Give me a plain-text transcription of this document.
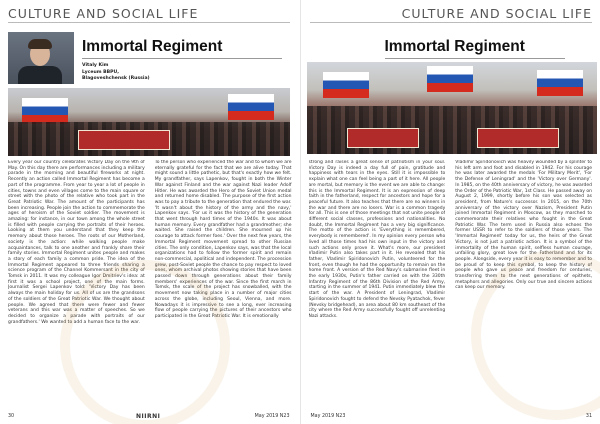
CULTURE AND SOCIAL LIFE
Immortal Regiment
Vitaly Kim
Lyceum BBPU,
Blagoveshchensk (Russia)
Every year our country celebrates Victory Day on the 9th of May. On this day there are performances including a military parade in the morning and beautiful fireworks at night. Recently an action called Immortal Regiment has become a part of the programme. From year to year a lot of people in cities, towns and even villages come to the main square or street with the photo of the relative who took part in the Great Patriotic War. The amount of the participants has been increasing. People join the action to commemorate the ages of heroism of the Soviet soldier. The movement is amazing: for instance, in our town among the whole street is filled with people carrying the portraits of their heroes. Looking at them you understand that they keep the memory about those heroes. The roots of our Motherland, society is the action: while walking people make acquaintances, talk to one another and frankly share their family stories. Immortal Regiment unites people and makes a story of each family a common pride. The idea of the Immortal Regiment appeared to three friends sharing a science program of the Channel Kommersant in the city of Tomsk in 2011. It was my colleague Igor Dmitriev's idea: at first it was a school project, one of the main forms. Journalist Sergei Lapenkov told: 'Victory Day has been always the main holiday for us. All of us are the grandsons of the soldiers of the Great Patriotic War. We thought about people. We agreed that there were fewer and fewer veterans and this war was a matter of speeches. So we decided to organize a parade with portraits of our grandfathers.' We wanted to add a human face to the war.
To the person who experienced the war and to whom we are eternally grateful for the fact that we are alive today. That might sound a little pathetic, but that's exactly how we felt. My grandfather, says Lapenkov, fought in both the Winter War against Finland and the war against Nazi leader Adolf Hitler. He was awarded the Hero of the Soviet Union medal and returned home disabled. The purpose of the first action was to pay a tribute to the generation that endured the war. 'It wasn't about the history of the army and the navy,' Lapenkov says. 'For us it was the history of the generation that went through hard times of the 1940s. It was about human memory. Every grandfather had a grandmother; she waited. She raised the children. She mourned up his courage to attack former foes.' Over the next few years, the Immortal Regiment movement spread to other Russian cities. The only condition, Lapenkov says, was that the local organizations had to follow the former spirit and remain non-commercial, apolitical and independent. The procession grew, post-Soviet people the chance to pay respect to loved ones, whom archival photos showing stories that have been passed down through generations about their family members' experiences of the war. Since the first march in Tomsk, the scale of the project has snowballed, with the movement now taking place in a number of major cities across the globe, including Seoul, Vienna, and more. Nowadays it is impressive to see a long, ever increasing flow of people carrying the pictures of their ancestors who participated in the Great Patriotic War. It is emotionally
30	NIIRNI	May 2019 N23
CULTURE AND SOCIAL LIFE
Immortal Regiment
strong and raises a great sense of patriotism in your soul. Victory Day is indeed a day full of pain, gratitude and happiness with tears in the eyes. Still it is impossible to explain what one can feel being a part of it here. All people are mortal, but memory is the event we are able to change: this is the Immortal Regiment. It is an expression of deep faith in the fatherland, respect for ancestors and hope for a peaceful future. It also teaches that there are no winners in the war and there are no losers. War is a common tragedy for all. This is one of those meetings that not unite people of different social classes, professions and nationalities. No doubt, the Immortal Regiment has a very big significance. The motto of the action is 'Everything is remembered, everybody is remembered'. In my opinion every person who lived all those times had his own input in the victory and such actions only prove it. What's more, our president Vladimir Putin also takes part in it. He revealed that his father, Vladimir Spiridonovich Putin, volunteered for the front, even though he had the opportunity to remain on the home front. A version of the Red Navy's submarine fleet in the early 1930s, Putin's father carried on with the 330th Infantry Regiment of the 86th Division of the Red Army, starting in the summer of 1941. Putin immediately blew the start of the war. A President of Leningrad, Vladimir Spiridonovich fought to defend the Nevsky Pyatachok, fever (Nevsky bridgehead), an area about 80 km southeast of the city where the Red Army successfully fought off unrelenting Nazi attacks.
Vladimir Spiridonovich was heavily wounded by a splinter to his left arm and foot and disabled in 1942. For his courage he was later awarded the medals 'For Military Merit', 'For the Defense of Leningrad' and the 'Victory over Germany'. In 1985, on the 40th anniversary of victory, he was awarded the Order of the Patriotic War, 1st Class. He passed away on August 2, 1999, shortly before his son was selected as president, from Nature's successor. In 2015, on the 70th anniversary of the victory over Nazism, President Putin joined Immortal Regiment in Moscow, as they marched to commemorate their relatives who fought in the Great Patriotic War. The term used in Russia also echoes the former USSR to refer to the soldiers of those years. The 'Immortal Regiment' today for us, the heirs of the Great Victory, is not just a patriotic action. It is a symbol of the immortality of the human spirit, selfless human courage, unfailing glory, great love for the Fatherland and for its people. Alongside, every year it is easy to remember and to be proud of to keep this symbol, to keep the history of people who gave us peace and freedom for centuries, transferring them to the next generations of epithets, metaphors and allegories. Only our true and sincere actions can keep our memory.
May 2019 N23	31
